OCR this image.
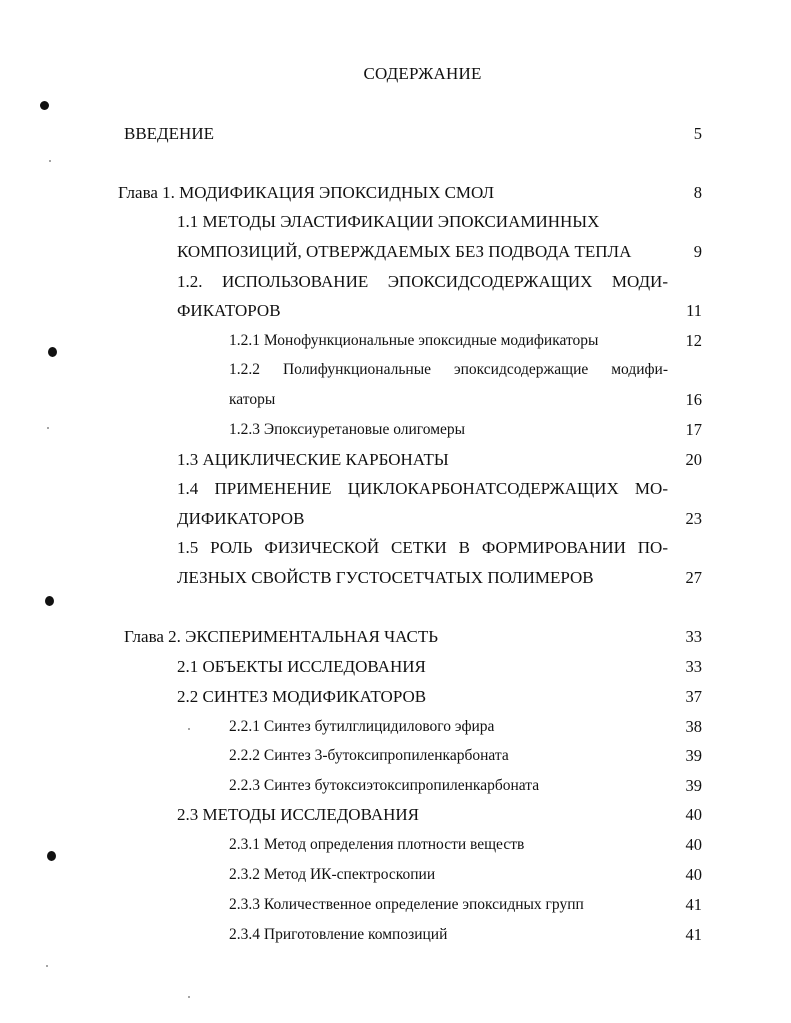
СОДЕРЖАНИЕ
ВВЕДЕНИЕ	5
Глава 1. МОДИФИКАЦИЯ ЭПОКСИДНЫХ СМОЛ	8
1.1 МЕТОДЫ ЭЛАСТИФИКАЦИИ ЭПОКСИАМИННЫХ
КОМПОЗИЦИЙ, ОТВЕРЖДАЕМЫХ БЕЗ ПОДВОДА ТЕПЛА	9
1.2. ИСПОЛЬЗОВАНИЕ ЭПОКСИДСОДЕРЖАЩИХ МОДИ-
ФИКАТОРОВ	11
1.2.1 Монофункциональные эпоксидные модификаторы	12
1.2.2 Полифункциональные эпоксидсодержащие модифи-
каторы	16
1.2.3 Эпоксиуретановые олигомеры	17
1.3 АЦИКЛИЧЕСКИЕ КАРБОНАТЫ	20
1.4 ПРИМЕНЕНИЕ ЦИКЛОКАРБОНАТСОДЕРЖАЩИХ МО-
ДИФИКАТОРОВ	23
1.5 РОЛЬ ФИЗИЧЕСКОЙ СЕТКИ В ФОРМИРОВАНИИ ПО-
ЛЕЗНЫХ СВОЙСТВ ГУСТОСЕТЧАТЫХ ПОЛИМЕРОВ	27
Глава 2. ЭКСПЕРИМЕНТАЛЬНАЯ ЧАСТЬ	33
2.1 ОБЪЕКТЫ ИССЛЕДОВАНИЯ	33
2.2 СИНТЕЗ МОДИФИКАТОРОВ	37
2.2.1 Синтез бутилглицидилового эфира	38
2.2.2 Синтез 3-бутоксипропиленкарбоната	39
2.2.3 Синтез бутоксиэтоксипропиленкарбоната	39
2.3 МЕТОДЫ ИССЛЕДОВАНИЯ	40
2.3.1 Метод определения плотности веществ	40
2.3.2 Метод ИК-спектроскопии	40
2.3.3 Количественное определение эпоксидных групп	41
2.3.4 Приготовление композиций	41
